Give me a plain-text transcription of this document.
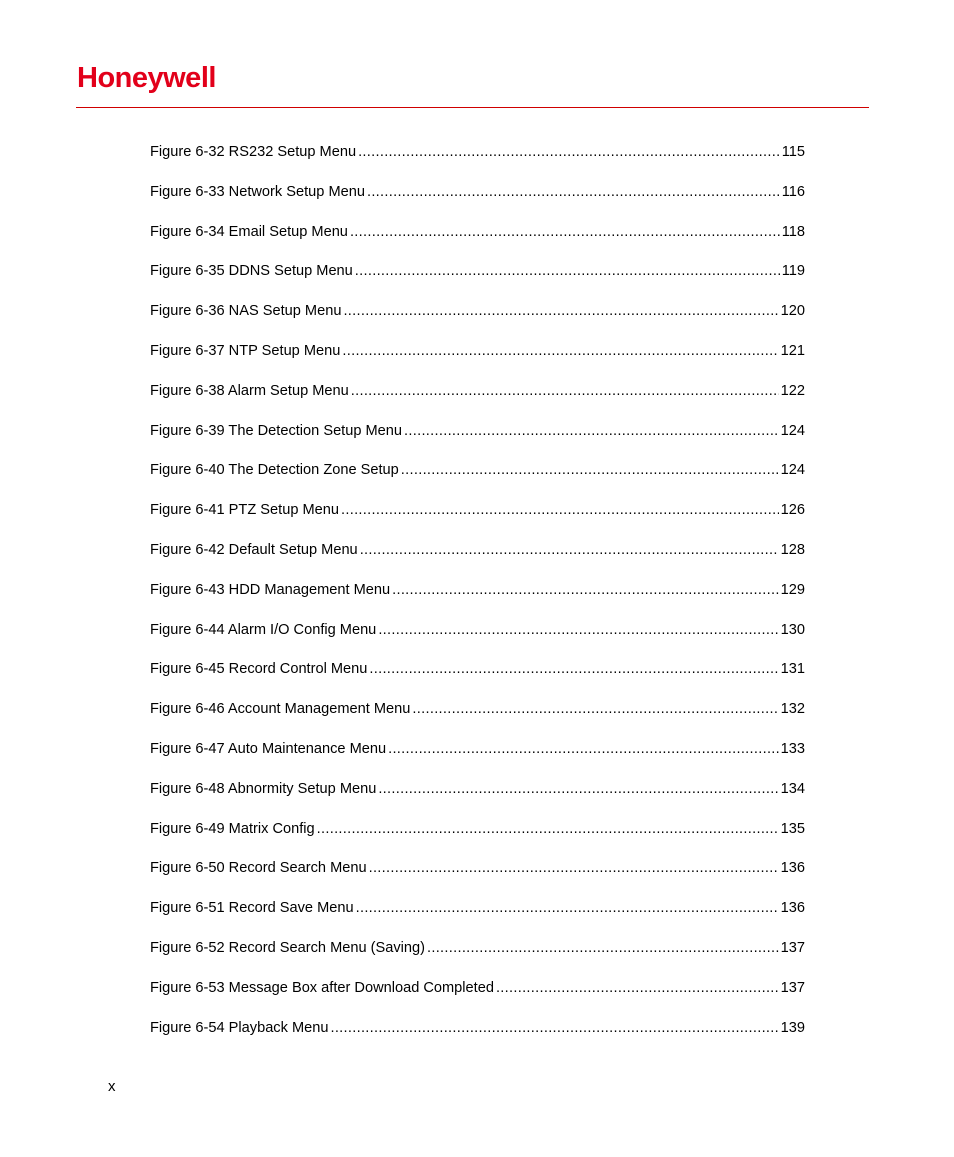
Honeywell
Figure 6-32 RS232 Setup Menu .....	115
Figure 6-33 Network Setup Menu .....	116
Figure 6-34 Email Setup Menu .....	118
Figure 6-35 DDNS Setup Menu .....	119
Figure 6-36 NAS Setup Menu .....	120
Figure 6-37 NTP Setup Menu .....	121
Figure 6-38 Alarm Setup Menu .....	122
Figure 6-39 The Detection Setup Menu .....	124
Figure 6-40 The Detection Zone Setup .....	124
Figure 6-41 PTZ Setup Menu .....	126
Figure 6-42 Default Setup Menu .....	128
Figure 6-43 HDD Management Menu .....	129
Figure 6-44 Alarm I/O Config Menu .....	130
Figure 6-45 Record Control Menu .....	131
Figure 6-46 Account Management Menu .....	132
Figure 6-47 Auto Maintenance Menu .....	133
Figure 6-48 Abnormity Setup Menu .....	134
Figure 6-49 Matrix Config .....	135
Figure 6-50 Record Search Menu .....	136
Figure 6-51 Record Save Menu .....	136
Figure 6-52 Record Search Menu (Saving) .....	137
Figure 6-53 Message Box after Download Completed .....	137
Figure 6-54 Playback Menu .....	139

x
